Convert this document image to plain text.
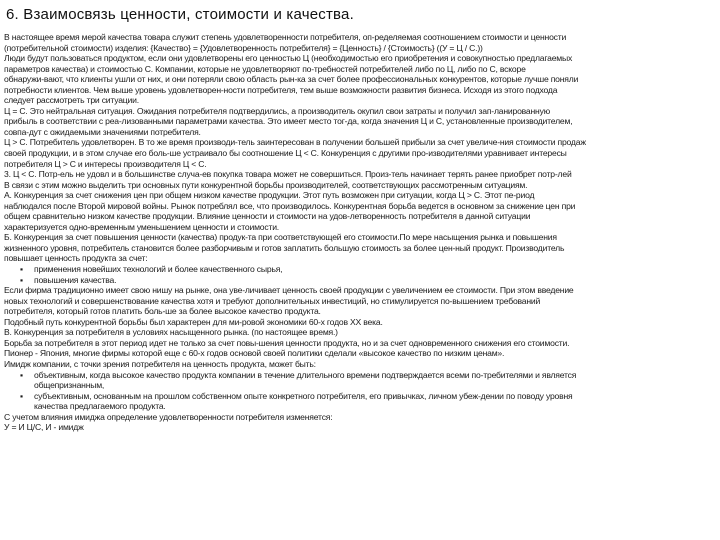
6. Взаимосвязь ценности, стоимости и качества.
В настоящее время мерой качества товара служит степень удовлетворенности потребителя, оп-ределяемая соотношением стоимости и ценности
(потребительной стоимости) изделия: {Качество} = {Удовлетворенность потребителя} = {Ценность} / {Стоимость} ((У = Ц / С.))
Люди будут пользоваться продуктом, если они удовлетворены его ценностью Ц (необходимостью его приобретения и совокупностью предлагаемых
параметров качества) и стоимостью С. Компании, которые не удовлетворяют по-требностей потребителей либо по Ц, либо по С, вскоре
обнаружи-вают, что клиенты ушли от них, и они потеряли свою область рын-ка за счет более профессиональных конкурентов, которые лучше поняли
потребности клиентов. Чем выше уровень удовлетворен-ности потребителя, тем выше возможности развития бизнеса. Исходя из этого подхода
следует рассмотреть три ситуации.
Ц = С. Это нейтральная ситуация. Ожидания потребителя подтвердились, а производитель окупил свои затраты и получил зап-ланированную
прибыль в соответствии с реа-лизованными параметрами качества. Это имеет место тог-да, когда значения Ц и С, установленные производителем,
совпа-дут с ожидаемыми значениями потребителя.
Ц > С. Потребитель удовлетворен. В то же время производи-тель заинтересован в получении большей прибыли за счет увеличе-ния стоимости продаж
своей продукции, и в этом случае его боль-ше устраивало бы соотношение Ц < С. Конкуренция с другими про-изводителями уравнивает интересы
потребителя Ц > С и интересы производителя Ц < С.
3. Ц < С. Потр-ель не удовл и в большинстве случа-ев покупка товара может не совершиться. Произ-тель начинает терять ранее приобрет потр-лей
В связи с этим можно выделить три основных пути конкурентной борьбы производителей, соответствующих рассмотренным ситуациям.
А. Конкуренция за счет снижения цен при общем низком качестве продукции. Этот путь возможен при ситуации, когда Ц > С. Этот пе-риод
наблюдался после Второй мировой войны. Рынок потреблял все, что производилось. Конкурентная борьба ведется в основном за снижение цен при
общем сравнительно низком качестве продукции. Влияние ценности и стоимости на удов-летворенность потребителя в данной ситуации
характеризуется одно-временным уменьшением ценности и стоимости.
Б. Конкуренция за счет повышения ценности (качества) продук-та при соответствующей его стоимости.По мере насыщения рынка и повышения
жизненного уровня, потребитель становится более разборчивым и готов заплатить большую стоимость за более цен-ный продукт. Производитель
повышает ценность продукта за счет:
▪ применения новейших технологий и более качественного сырья,
▪ повышения качества.
Если фирма традиционно имеет свою нишу на рынке, она уве-личивает ценность своей продукции с увеличением ее стоимости. При этом введение
новых технологий и совершенствование качества хотя и требуют дополнительных инвестиций, но стимулируется по-вышением требований
потребителя, который готов платить боль-ше за более высокое качество продукта.
Подобный путь конкурентной борьбы был характерен для ми-ровой экономики 60-х годов ХХ века.
В. Конкуренция за потребителя в условиях насыщенного рынка. (по настоящее время.)
Борьба за потребителя в этот период идет не только за счет повы-шения ценности продукта, но и за счет одновременного снижения его стоимости.
Пионер - Япония, многие фирмы которой еще с 60-х годов основой своей политики сделали «высокое качество по низким ценам».
Имидж компании, с точки зрения потребителя на ценность продукта, может быть:
▪ объективным, когда высокое качество продукта компании в течение длительного времени подтверждается всеми по-требителями и является
общепризнанным,
▪ субъективным, основанным на прошлом собственном опыте конкретного потребителя, его привычках, личном убеж-дении по поводу уровня
качества предлагаемого продукта.
С учетом влияния имиджа определение удовлетворенности потребителя изменяется:
У = И Ц/С, И - имидж
